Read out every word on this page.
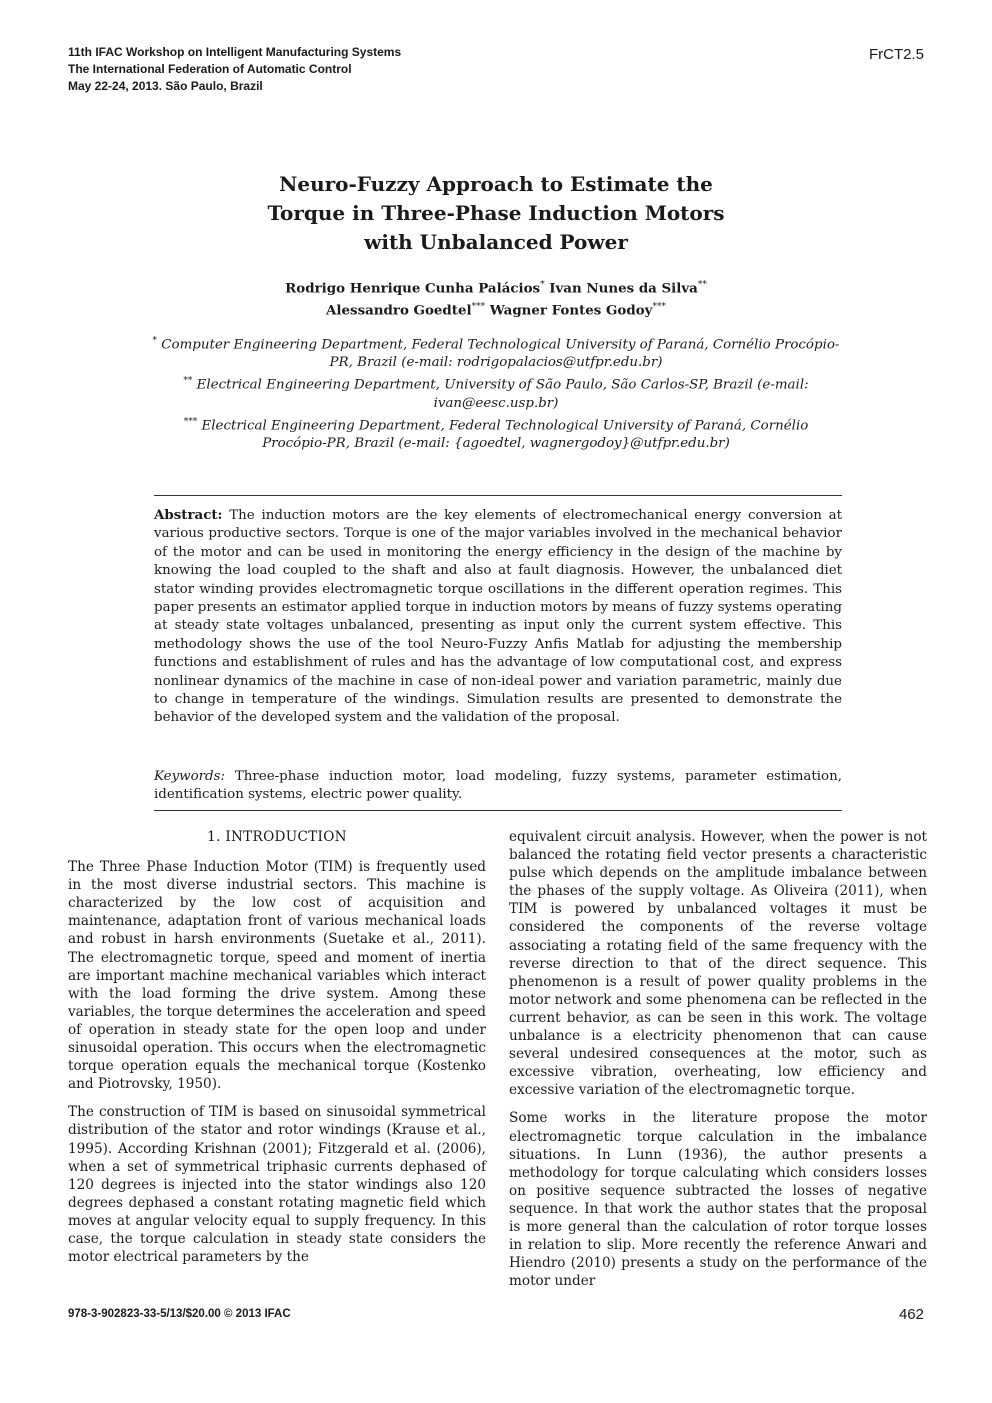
11th IFAC Workshop on Intelligent Manufacturing Systems
The International Federation of Automatic Control
May 22-24, 2013. São Paulo, Brazil
FrCT2.5
Neuro-Fuzzy Approach to Estimate the
Torque in Three-Phase Induction Motors
with Unbalanced Power
Rodrigo Henrique Cunha Palácios* Ivan Nunes da Silva**
Alessandro Goedtel*** Wagner Fontes Godoy***
* Computer Engineering Department, Federal Technological University of Paraná, Cornélio Procópio-PR, Brazil (e-mail: rodrigopalacios@utfpr.edu.br)
** Electrical Engineering Department, University of São Paulo, São Carlos-SP, Brazil (e-mail: ivan@eesc.usp.br)
*** Electrical Engineering Department, Federal Technological University of Paraná, Cornélio Procópio-PR, Brazil (e-mail: {agoedtel, wagnergodoy}@utfpr.edu.br)
Abstract: The induction motors are the key elements of electromechanical energy conversion at various productive sectors. Torque is one of the major variables involved in the mechanical behavior of the motor and can be used in monitoring the energy efficiency in the design of the machine by knowing the load coupled to the shaft and also at fault diagnosis. However, the unbalanced diet stator winding provides electromagnetic torque oscillations in the different operation regimes. This paper presents an estimator applied torque in induction motors by means of fuzzy systems operating at steady state voltages unbalanced, presenting as input only the current system effective. This methodology shows the use of the tool Neuro-Fuzzy Anfis Matlab for adjusting the membership functions and establishment of rules and has the advantage of low computational cost, and express nonlinear dynamics of the machine in case of non-ideal power and variation parametric, mainly due to change in temperature of the windings. Simulation results are presented to demonstrate the behavior of the developed system and the validation of the proposal.
Keywords: Three-phase induction motor, load modeling, fuzzy systems, parameter estimation, identification systems, electric power quality.
1. INTRODUCTION

The Three Phase Induction Motor (TIM) is frequently used in the most diverse industrial sectors. This machine is characterized by the low cost of acquisition and maintenance, adaptation front of various mechanical loads and robust in harsh environments (Suetake et al., 2011). The electromagnetic torque, speed and moment of inertia are important machine mechanical variables which interact with the load forming the drive system. Among these variables, the torque determines the acceleration and speed of operation in steady state for the open loop and under sinusoidal operation. This occurs when the electromagnetic torque operation equals the mechanical torque (Kostenko and Piotrovsky, 1950).

The construction of TIM is based on sinusoidal symmetrical distribution of the stator and rotor windings (Krause et al., 1995). According Krishnan (2001); Fitzgerald et al. (2006), when a set of symmetrical triphasic currents dephased of 120 degrees is injected into the stator windings also 120 degrees dephased a constant rotating magnetic field which moves at angular velocity equal to supply frequency. In this case, the torque calculation in steady state considers the motor electrical parameters by the

equivalent circuit analysis. However, when the power is not balanced the rotating field vector presents a characteristic pulse which depends on the amplitude imbalance between the phases of the supply voltage. As Oliveira (2011), when TIM is powered by unbalanced voltages it must be considered the components of the reverse voltage associating a rotating field of the same frequency with the reverse direction to that of the direct sequence. This phenomenon is a result of power quality problems in the motor network and some phenomena can be reflected in the current behavior, as can be seen in this work. The voltage unbalance is a electricity phenomenon that can cause several undesired consequences at the motor, such as excessive vibration, overheating, low efficiency and excessive variation of the electromagnetic torque.

Some works in the literature propose the motor electromagnetic torque calculation in the imbalance situations. In Lunn (1936), the author presents a methodology for torque calculating which considers losses on positive sequence subtracted the losses of negative sequence. In that work the author states that the proposal is more general than the calculation of rotor torque losses in relation to slip. More recently the reference Anwari and Hiendro (2010) presents a study on the performance of the motor under

978-3-902823-33-5/13/$20.00 © 2013 IFAC	462
